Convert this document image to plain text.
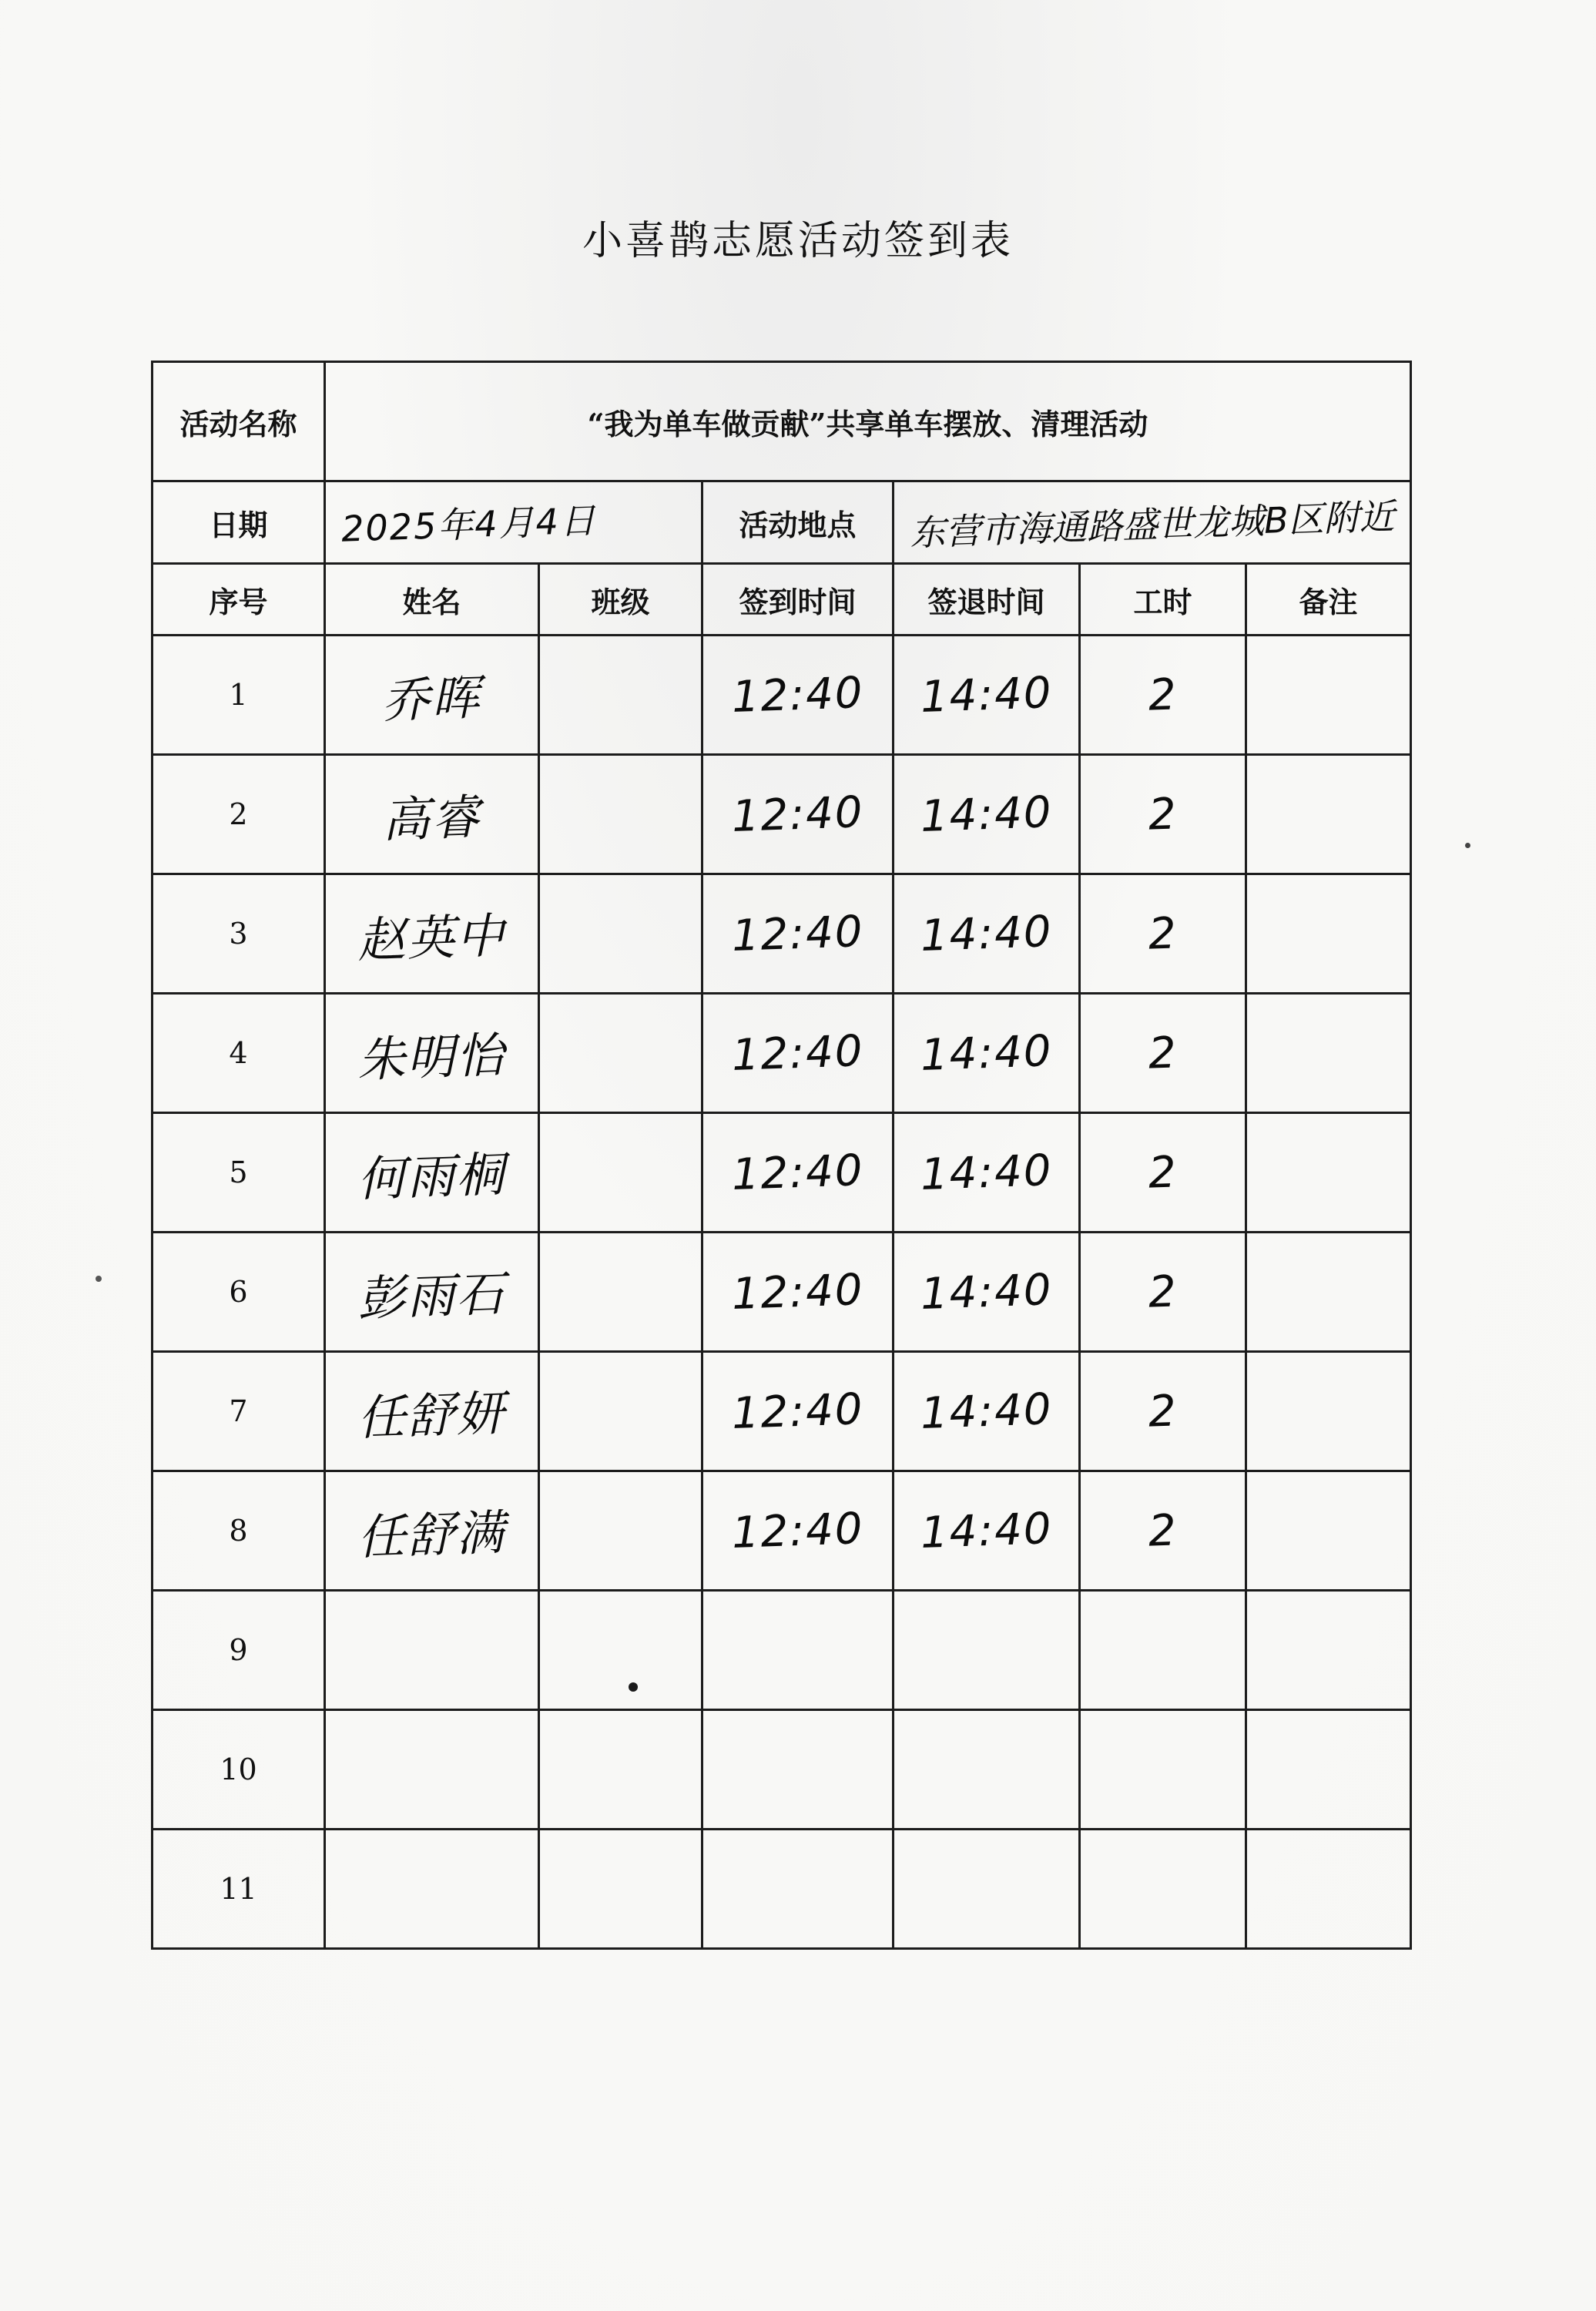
小喜鹊志愿活动签到表
活动名称	“我为单车做贡献”共享单车摆放、清理活动					
日期	2025年4月4日		活动地点	东营市海通路盛世龙城B区附近		
序号	姓名	班级	签到时间	签退时间	工时	备注
1	乔晖		12:40	14:40	2	
2	高睿		12:40	14:40	2	
3	赵英中		12:40	14:40	2	
4	朱明怡		12:40	14:40	2	
5	何雨桐		12:40	14:40	2	
6	彭雨石		12:40	14:40	2	
7	任舒妍		12:40	14:40	2	
8	任舒满		12:40	14:40	2	
9						
10						
11						
